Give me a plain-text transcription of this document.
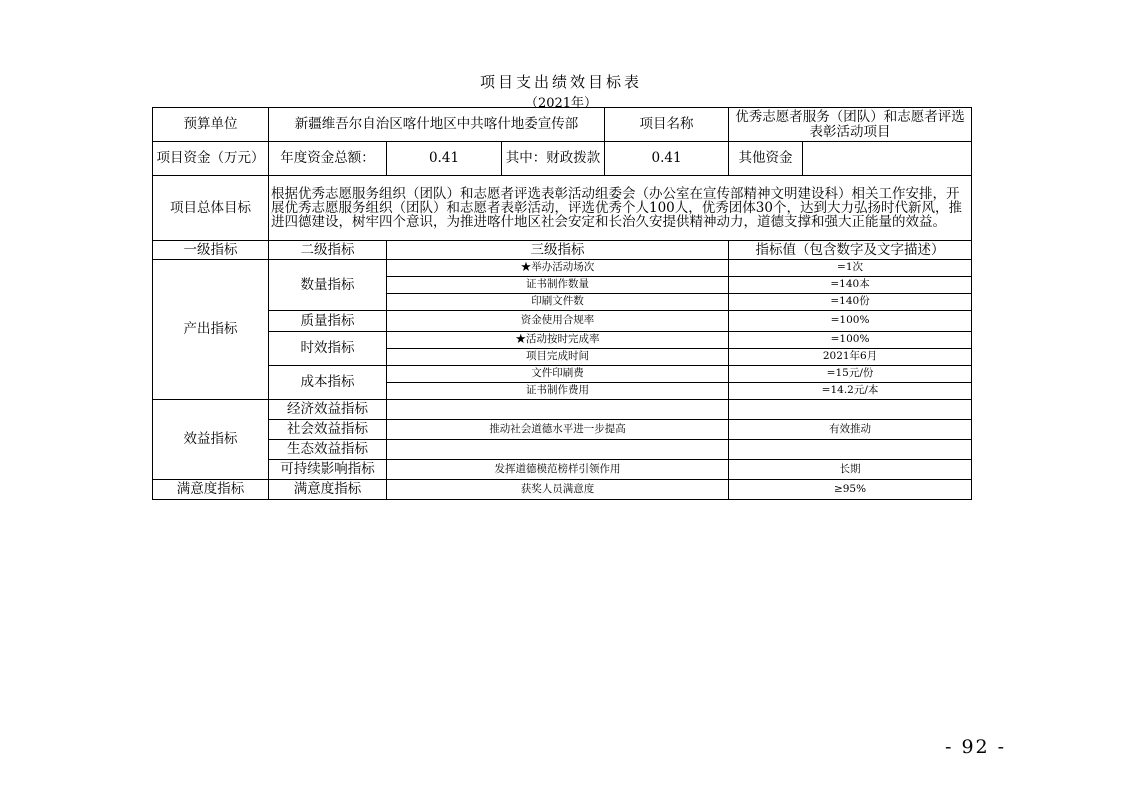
项目支出绩效目标表
（2021年）
预算单位	新疆维吾尔自治区喀什地区中共喀什地委宣传部			项目名称	优秀志愿者服务（团队）和志愿者评选表彰活动项目	
项目资金（万元）	年度资金总额：	0.41	其中：财政拨款	0.41	其他资金	
项目总体目标	根据优秀志愿服务组织（团队）和志愿者评选表彰活动组委会（办公室在宣传部精神文明建设科）相关工作安排，开展优秀志愿服务组织（团队）和志愿者表彰活动，评选优秀个人100人，优秀团体30个，达到大力弘扬时代新风，推进四德建设，树牢四个意识，为推进喀什地区社会安定和长治久安提供精神动力，道德支撑和强大正能量的效益。					
一级指标	二级指标	三级指标			指标值（包含数字及文字描述）	
产出指标	数量指标	★举办活动场次			=1次	
		证书制作数量			=140本	
		印刷文件数			=140份	
	质量指标	资金使用合规率			=100%	
	时效指标	★活动按时完成率			=100%	
		项目完成时间			2021年6月	
	成本指标	文件印刷费			=15元/份	
		证书制作费用			=14.2元/本	
效益指标	经济效益指标					
	社会效益指标	推动社会道德水平进一步提高			有效推动	
	生态效益指标					
	可持续影响指标	发挥道德模范榜样引领作用			长期	
满意度指标	满意度指标	获奖人员满意度			≥95%	
- 92 -
